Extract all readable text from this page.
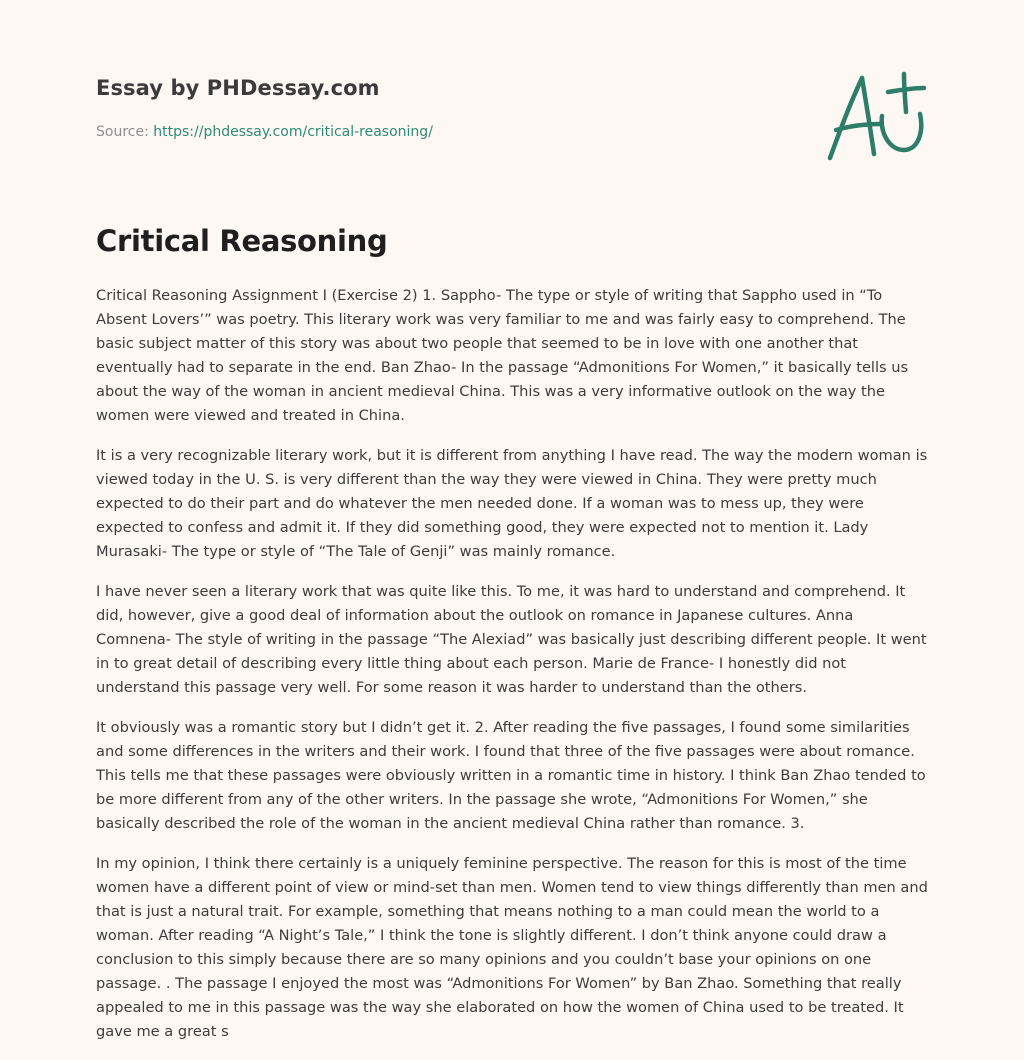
Essay by PHDessay.com
Source: https://phdessay.com/critical-reasoning/
Critical Reasoning

Critical Reasoning Assignment I (Exercise 2) 1. Sappho- The type or style of writing that Sappho used in “To Absent Lovers’” was poetry. This literary work was very familiar to me and was fairly easy to comprehend. The basic subject matter of this story was about two people that seemed to be in love with one another that eventually had to separate in the end. Ban Zhao- In the passage “Admonitions For Women,” it basically tells us about the way of the woman in ancient medieval China. This was a very informative outlook on the way the women were viewed and treated in China.

It is a very recognizable literary work, but it is different from anything I have read. The way the modern woman is viewed today in the U. S. is very different than the way they were viewed in China. They were pretty much expected to do their part and do whatever the men needed done. If a woman was to mess up, they were expected to confess and admit it. If they did something good, they were expected not to mention it. Lady Murasaki- The type or style of “The Tale of Genji” was mainly romance.

I have never seen a literary work that was quite like this. To me, it was hard to understand and comprehend. It did, however, give a good deal of information about the outlook on romance in Japanese cultures. Anna Comnena- The style of writing in the passage “The Alexiad” was basically just describing different people. It went in to great detail of describing every little thing about each person. Marie de France- I honestly did not understand this passage very well. For some reason it was harder to understand than the others.

It obviously was a romantic story but I didn’t get it. 2. After reading the five passages, I found some similarities and some differences in the writers and their work. I found that three of the five passages were about romance. This tells me that these passages were obviously written in a romantic time in history. I think Ban Zhao tended to be more different from any of the other writers. In the passage she wrote, “Admonitions For Women,” she basically described the role of the woman in the ancient medieval China rather than romance. 3.

In my opinion, I think there certainly is a uniquely feminine perspective. The reason for this is most of the time women have a different point of view or mind-set than men. Women tend to view things differently than men and that is just a natural trait. For example, something that means nothing to a man could mean the world to a woman. After reading “A Night’s Tale,” I think the tone is slightly different. I don’t think anyone could draw a conclusion to this simply because there are so many opinions and you couldn’t base your opinions on one passage. . The passage I enjoyed the most was “Admonitions For Women” by Ban Zhao. Something that really appealed to me in this passage was the way she elaborated on how the women of China used to be treated. It gave me a great s
